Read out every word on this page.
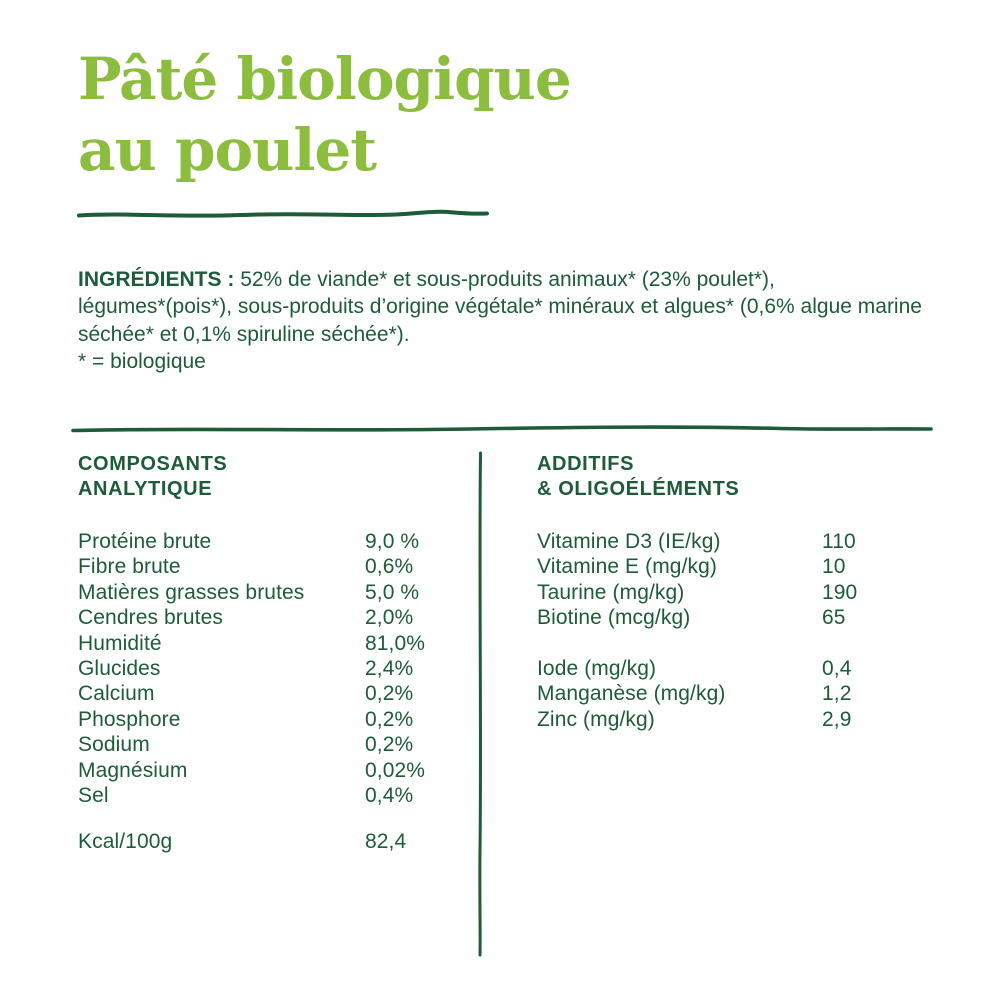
Pâté biologique
au poulet
INGRÉDIENTS : 52% de viande* et sous-produits animaux* (23% poulet*),
légumes*(pois*), sous-produits d’origine végétale* minéraux et algues* (0,6% algue marine
séchée* et 0,1% spiruline séchée*).
* = biologique
COMPOSANTS
ANALYTIQUE
Protéine brute	9,0 %
Fibre brute	0,6%
Matières grasses brutes	5,0 %
Cendres brutes	2,0%
Humidité	81,0%
Glucides	2,4%
Calcium	0,2%
Phosphore	0,2%
Sodium	0,2%
Magnésium	0,02%
Sel	0,4%
Kcal/100g	82,4
ADDITIFS
& OLIGOÉLÉMENTS
Vitamine D3 (IE/kg)	110
Vitamine E (mg/kg)	10
Taurine (mg/kg)	190
Biotine (mcg/kg)	65
Iode (mg/kg)	0,4
Manganèse (mg/kg)	1,2
Zinc (mg/kg)	2,9
